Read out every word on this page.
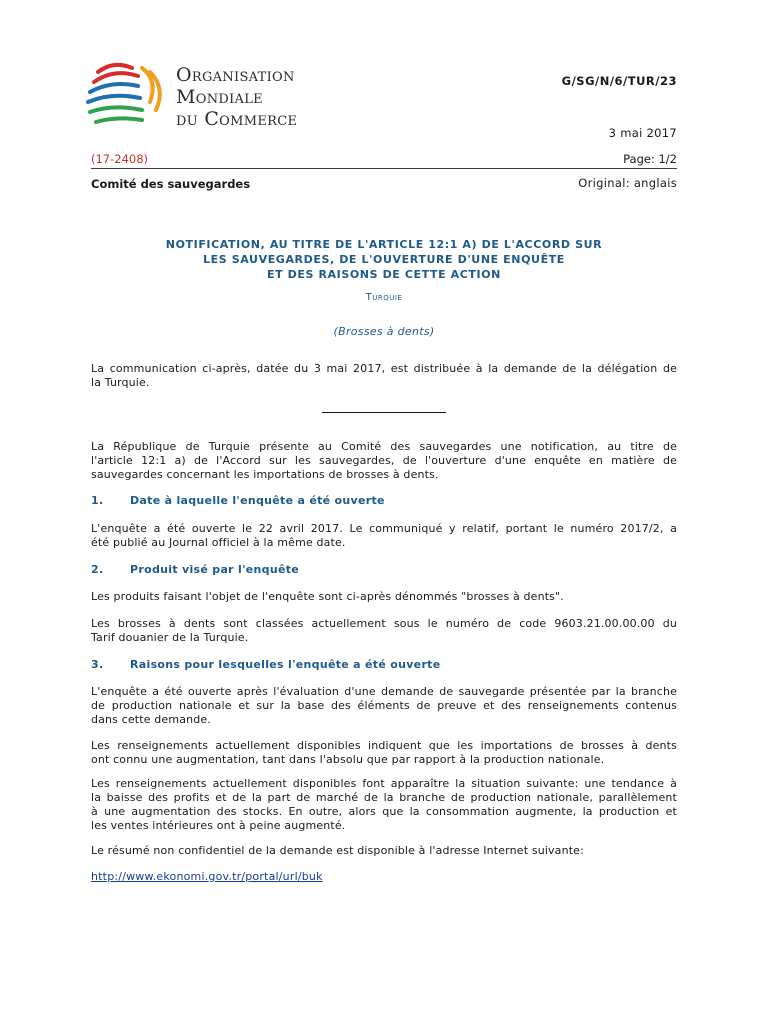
Organisation
Mondiale
du Commerce
G/SG/N/6/TUR/23
3 mai 2017
(17-2408)	Page: 1/2
Comité des sauvegardes	Original: anglais
NOTIFICATION, AU TITRE DE L'ARTICLE 12:1 A) DE L'ACCORD SUR
LES SAUVEGARDES, DE L'OUVERTURE D'UNE ENQUÊTE
ET DES RAISONS DE CETTE ACTION
Turquie
(Brosses à dents)
La communication ci-après, datée du 3 mai 2017, est distribuée à la demande de la délégation de
la Turquie.
La République de Turquie présente au Comité des sauvegardes une notification, au titre de
l'article 12:1 a) de l'Accord sur les sauvegardes, de l'ouverture d'une enquête en matière de
sauvegardes concernant les importations de brosses à dents.
1. Date à laquelle l'enquête a été ouverte
L'enquête a été ouverte le 22 avril 2017. Le communiqué y relatif, portant le numéro 2017/2, a
été publié au Journal officiel à la même date.
2. Produit visé par l'enquête
Les produits faisant l'objet de l'enquête sont ci-après dénommés "brosses à dents".
Les brosses à dents sont classées actuellement sous le numéro de code 9603.21.00.00.00 du
Tarif douanier de la Turquie.
3. Raisons pour lesquelles l'enquête a été ouverte
L'enquête a été ouverte après l'évaluation d'une demande de sauvegarde présentée par la branche
de production nationale et sur la base des éléments de preuve et des renseignements contenus
dans cette demande.
Les renseignements actuellement disponibles indiquent que les importations de brosses à dents
ont connu une augmentation, tant dans l'absolu que par rapport à la production nationale.
Les renseignements actuellement disponibles font apparaître la situation suivante: une tendance à
la baisse des profits et de la part de marché de la branche de production nationale, parallèlement
à une augmentation des stocks. En outre, alors que la consommation augmente, la production et
les ventes intérieures ont à peine augmenté.
Le résumé non confidentiel de la demande est disponible à l'adresse Internet suivante:
http://www.ekonomi.gov.tr/portal/url/buk
